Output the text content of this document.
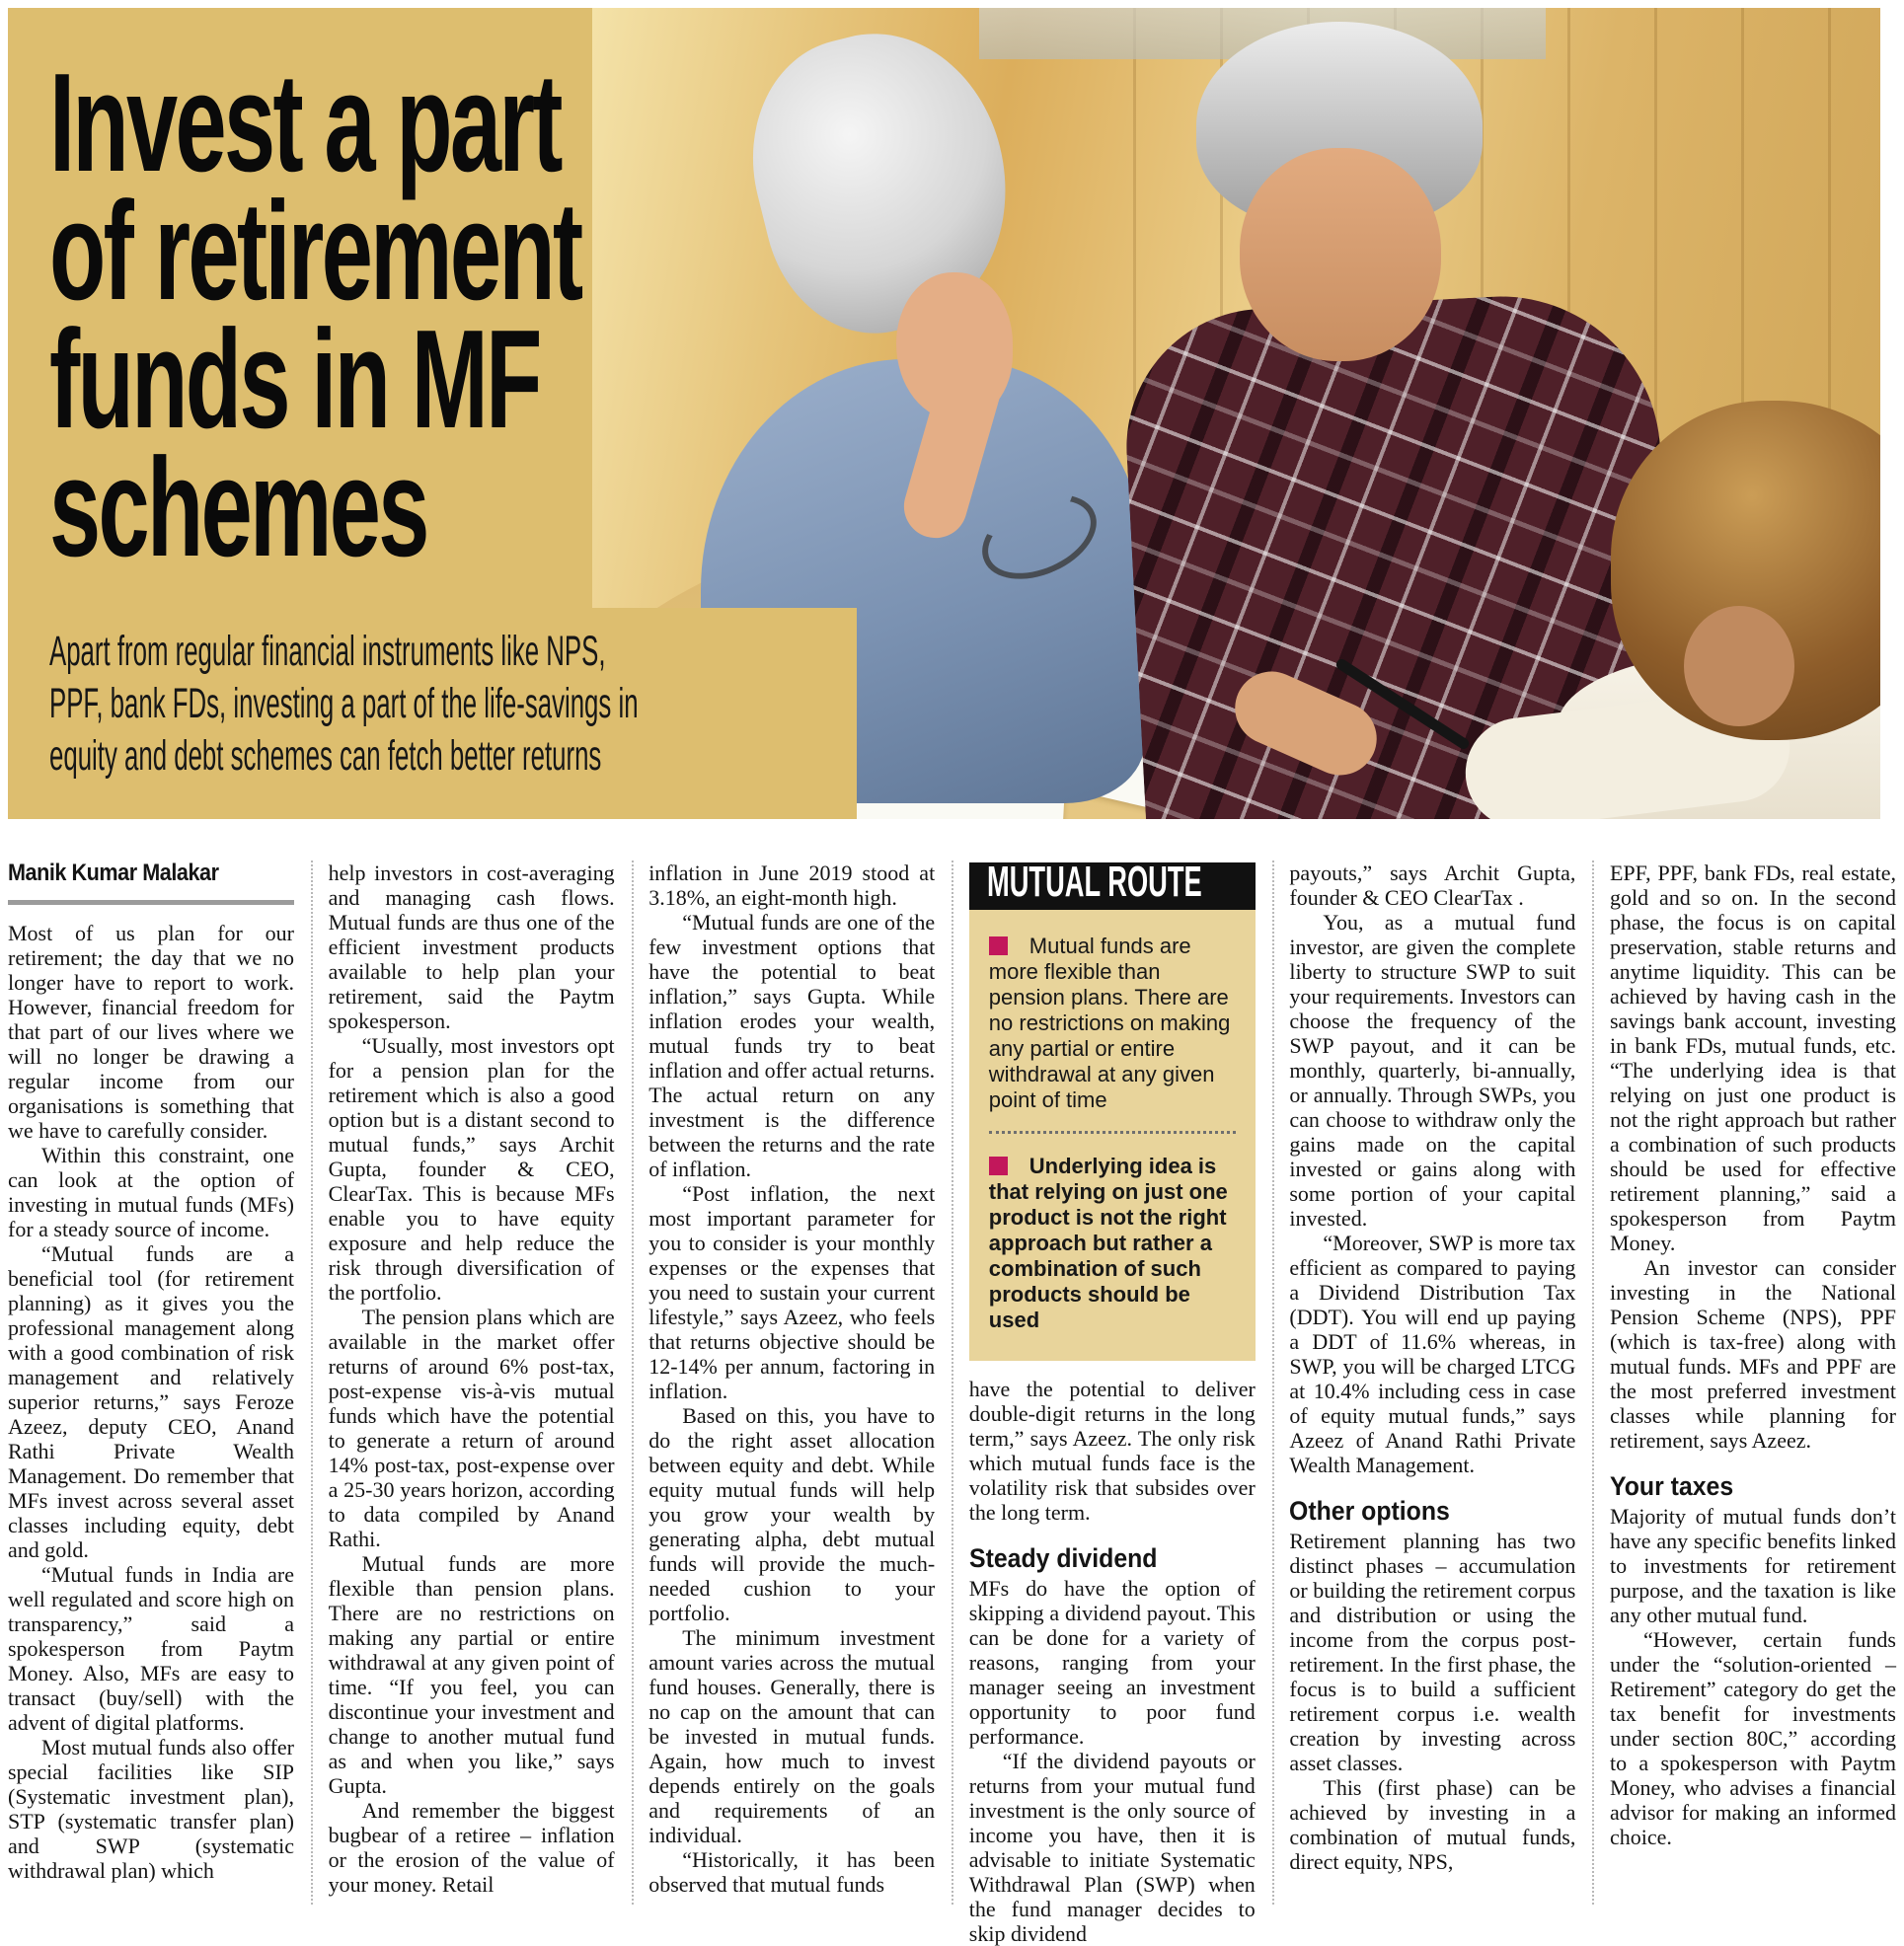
Apart from regular financial instruments like NPS,
PPF, bank FDs, investing a part of the life-savings in
equity and debt schemes can fetch better returns
Invest a part
of retirement
funds in MF
schemes
Manik Kumar Malakar

Most of us plan for our retirement; the day that we no longer have to report to work. However, financial freedom for that part of our lives where we will no longer be drawing a regular income from our organisations is something that we have to carefully consider.

Within this constraint, one can look at the option of investing in mutual funds (MFs) for a steady source of income.

“Mutual funds are a beneficial tool (for retirement planning) as it gives you the professional management along with a good combination of risk management and relatively superior returns,” says Feroze Azeez, deputy CEO, Anand Rathi Private Wealth Management. Do remember that MFs invest across several asset classes including equity, debt and gold.

“Mutual funds in India are well regulated and score high on transparency,” said a spokesperson from Paytm Money. Also, MFs are easy to transact (buy/sell) with the advent of digital platforms.

Most mutual funds also offer special facilities like SIP (Systematic investment plan), STP (systematic transfer plan) and SWP (systematic withdrawal plan) which

help investors in cost-averaging and managing cash flows. Mutual funds are thus one of the efficient investment products available to help plan your retirement, said the Paytm spokesperson.

“Usually, most investors opt for a pension plan for the retirement which is also a good option but is a distant second to mutual funds,” says Archit Gupta, founder & CEO, ClearTax. This is because MFs enable you to have equity exposure and help reduce the risk through diversification of the portfolio.

The pension plans which are available in the market offer returns of around 6% post-tax, post-expense vis-à-vis mutual funds which have the potential to generate a return of around 14% post-tax, post-expense over a 25-30 years horizon, according to data compiled by Anand Rathi.

Mutual funds are more flexible than pension plans. There are no restrictions on making any partial or entire withdrawal at any given point of time. “If you feel, you can discontinue your investment and change to another mutual fund as and when you like,” says Gupta.

And remember the biggest bugbear of a retiree – inflation or the erosion of the value of your money. Retail

inflation in June 2019 stood at 3.18%, an eight-month high.

“Mutual funds are one of the few investment options that have the potential to beat inflation,” says Gupta. While inflation erodes your wealth, mutual funds try to beat inflation and offer actual returns. The actual return on any investment is the difference between the returns and the rate of inflation.

“Post inflation, the next most important parameter for you to consider is your monthly expenses or the expenses that you need to sustain your current lifestyle,” says Azeez, who feels that returns objective should be 12-14% per annum, factoring in inflation.

Based on this, you have to do the right asset allocation between equity and debt. While equity mutual funds will help you grow your wealth by generating alpha, debt mutual funds will provide the much-needed cushion to your portfolio.

The minimum investment amount varies across the mutual fund houses. Generally, there is no cap on the amount that can be invested in mutual funds. Again, how much to invest depends entirely on the goals and requirements of an individual.

“Historically, it has been observed that mutual funds

MUTUAL ROUTE
Mutual funds are more flexible than pension plans. There are no restrictions on making any partial or entire withdrawal at any given point of time
Underlying idea is that relying on just one product is not the right approach but rather a combination of such products should be used

have the potential to deliver double-digit returns in the long term,” says Azeez. The only risk which mutual funds face is the volatility risk that subsides over the long term.

Steady dividend

MFs do have the option of skipping a dividend payout. This can be done for a variety of reasons, ranging from your manager seeing an investment opportunity to poor fund performance.

“If the dividend payouts or returns from your mutual fund investment is the only source of income you have, then it is advisable to initiate Systematic Withdrawal Plan (SWP) when the fund manager decides to skip dividend

payouts,” says Archit Gupta, founder & CEO ClearTax .

You, as a mutual fund investor, are given the complete liberty to structure SWP to suit your requirements. Investors can choose the frequency of the SWP payout, and it can be monthly, quarterly, bi-annually, or annually. Through SWPs, you can choose to withdraw only the gains made on the capital invested or gains along with some portion of your capital invested.

“Moreover, SWP is more tax efficient as compared to paying a Dividend Distribution Tax (DDT). You will end up paying a DDT of 11.6% whereas, in SWP, you will be charged LTCG at 10.4% including cess in case of equity mutual funds,” says Azeez of Anand Rathi Private Wealth Management.

Other options

Retirement planning has two distinct phases – accumulation or building the retirement corpus and distribution or using the income from the corpus post-retirement. In the first phase, the focus is to build a sufficient retirement corpus i.e. wealth creation by investing across asset classes.

This (first phase) can be achieved by investing in a combination of mutual funds, direct equity, NPS,

EPF, PPF, bank FDs, real estate, gold and so on. In the second phase, the focus is on capital preservation, stable returns and anytime liquidity. This can be achieved by having cash in the savings bank account, investing in bank FDs, mutual funds, etc. “The underlying idea is that relying on just one product is not the right approach but rather a combination of such products should be used for effective retirement planning,” said a spokesperson from Paytm Money.

An investor can consider investing in the National Pension Scheme (NPS), PPF (which is tax-free) along with mutual funds. MFs and PPF are the most preferred investment classes while planning for retirement, says Azeez.

Your taxes

Majority of mutual funds don’t have any specific benefits linked to investments for retirement purpose, and the taxation is like any other mutual fund.

“However, certain funds under the “solution-oriented – Retirement” category do get the tax benefit for investments under section 80C,” according to a spokesperson with Paytm Money, who advises a financial advisor for making an informed choice.
